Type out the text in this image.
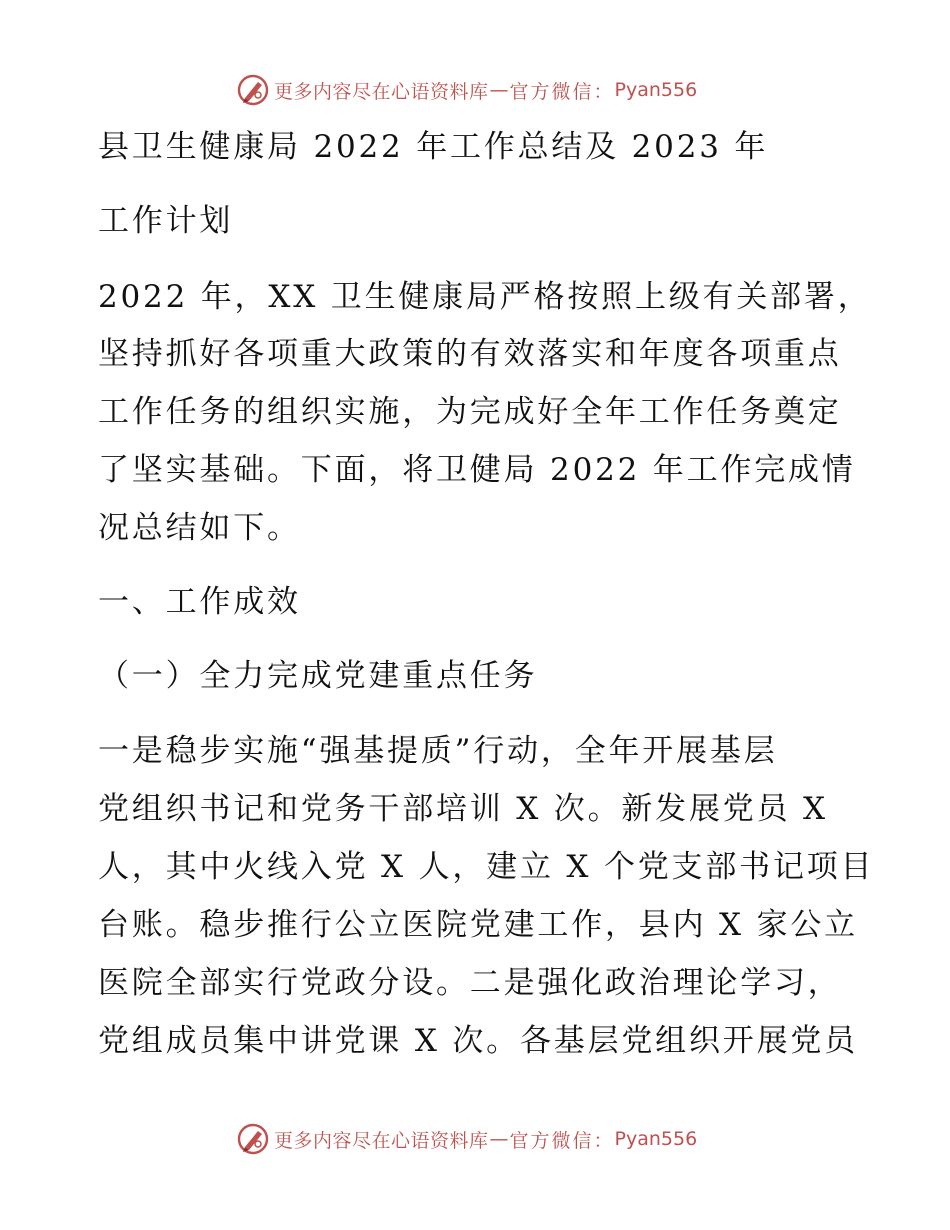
更多内容尽在心语资料库 — 官方微信： Pyan556
县卫生健康局 2022 年工作总结及 2023 年
工作计划
2022 年，XX 卫生健康局严格按照上级有关部署，
坚持抓好各项重大政策的有效落实和年度各项重点
工作任务的组织实施，为完成好全年工作任务奠定
了坚实基础。下面，将卫健局 2022 年工作完成情
况总结如下。
一、工作成效
（一）全力完成党建重点任务
一是稳步实施“强基提质”行动，全年开展基层
党组织书记和党务干部培训 X 次。新发展党员 X
人，其中火线入党 X 人，建立 X 个党支部书记项目
台账。稳步推行公立医院党建工作，县内 X 家公立
医院全部实行党政分设。二是强化政治理论学习，
党组成员集中讲党课 X 次。各基层党组织开展党员
更多内容尽在心语资料库 — 官方微信： Pyan556
